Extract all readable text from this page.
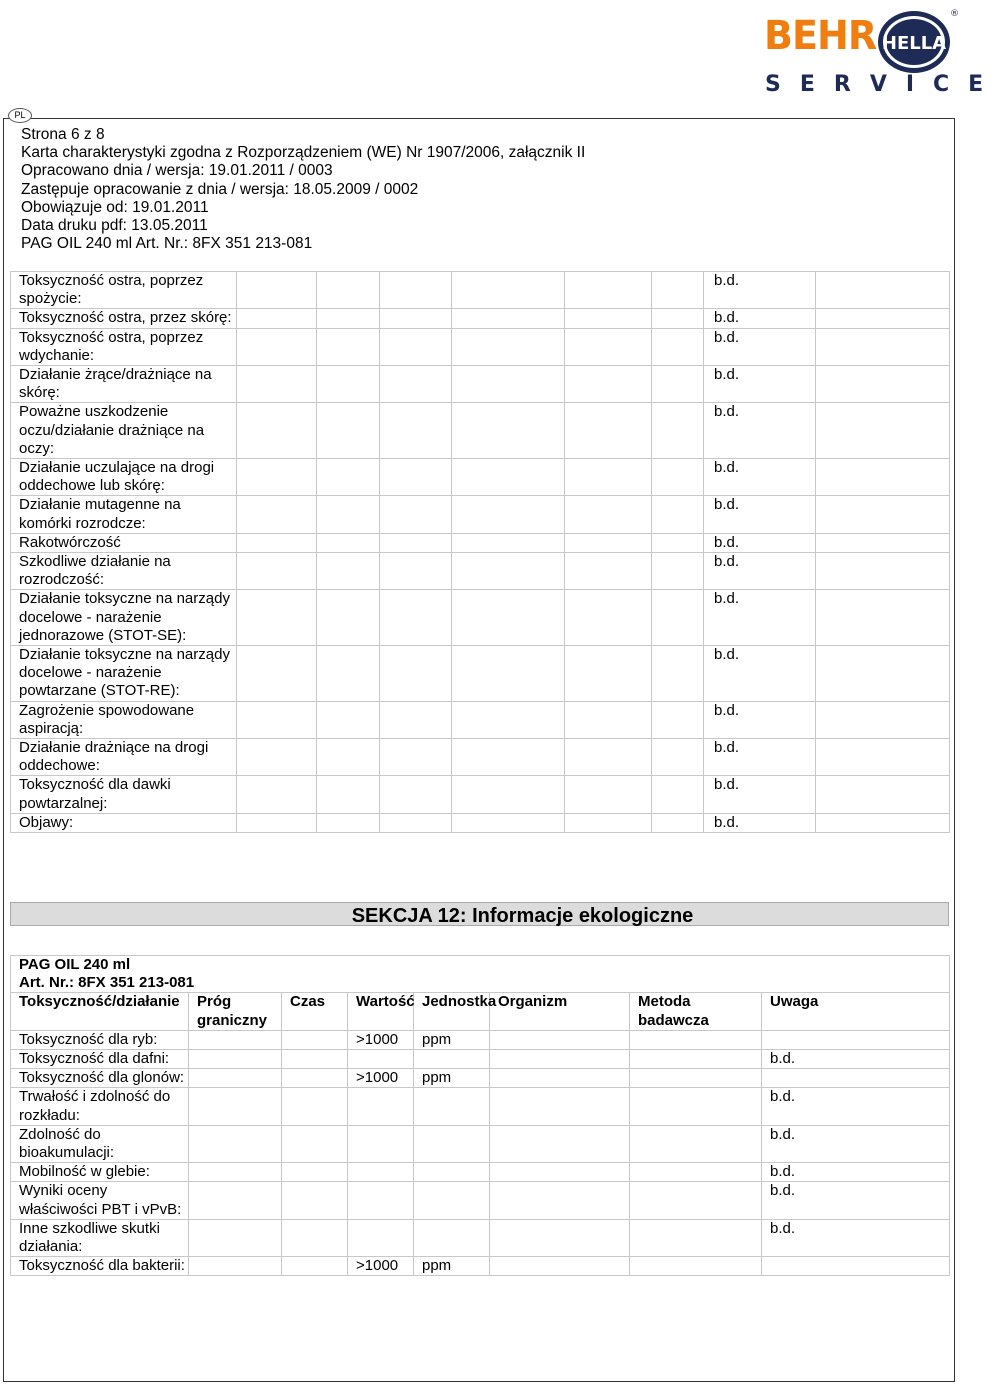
BEHR HELLA
®
SERVICE
PL
Strona 6 z 8
Karta charakterystyki zgodna z Rozporządzeniem (WE) Nr 1907/2006, załącznik II
Opracowano dnia / wersja: 19.01.2011 / 0003
Zastępuje opracowanie z dnia / wersja: 18.05.2009 / 0002
Obowiązuje od: 19.01.2011
Data druku pdf: 13.05.2011
PAG OIL 240 ml Art. Nr.: 8FX 351 213-081
Toksyczność ostra, poprzez spożycie:							b.d.	
Toksyczność ostra, przez skórę:							b.d.	
Toksyczność ostra, poprzez wdychanie:							b.d.	
Działanie żrące/drażniące na skórę:							b.d.	
Poważne uszkodzenie oczu/działanie drażniące na oczy:							b.d.	
Działanie uczulające na drogi oddechowe lub skórę:							b.d.	
Działanie mutagenne na komórki rozrodcze:							b.d.	
Rakotwórczość							b.d.	
Szkodliwe działanie na rozrodczość:							b.d.	
Działanie toksyczne na narządy docelowe - narażenie jednorazowe (STOT-SE):							b.d.	
Działanie toksyczne na narządy docelowe - narażenie powtarzane (STOT-RE):							b.d.	
Zagrożenie spowodowane aspiracją:							b.d.	
Działanie drażniące na drogi oddechowe:							b.d.	
Toksyczność dla dawki powtarzalnej:							b.d.	
Objawy:							b.d.	
SEKCJA 12: Informacje ekologiczne
PAG OIL 240 ml
Art. Nr.: 8FX 351 213-081							

Toksyczność/działanie	Próg graniczny	Czas	Wartość	Jednostka	Organizm	Metoda badawcza	Uwaga
Toksyczność dla ryb:			>1000	ppm			
Toksyczność dla dafni:							b.d.
Toksyczność dla glonów:			>1000	ppm			
Trwałość i zdolność do rozkładu:							b.d.
Zdolność do bioakumulacji:							b.d.
Mobilność w glebie:							b.d.
Wyniki oceny właściwości PBT i vPvB:							b.d.
Inne szkodliwe skutki działania:							b.d.
Toksyczność dla bakterii:			>1000	ppm			
